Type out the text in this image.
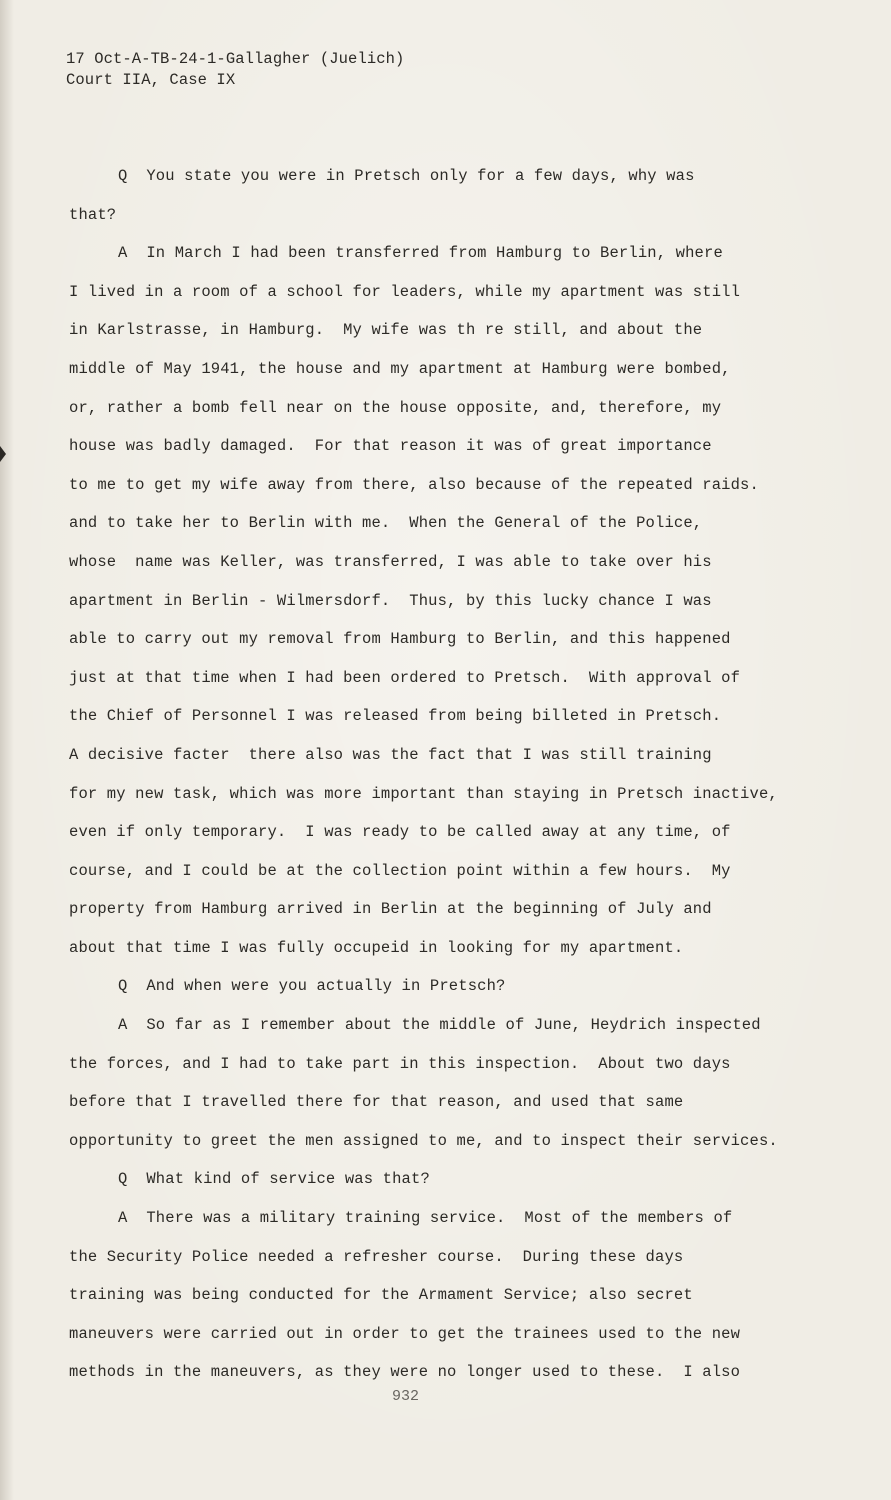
17 Oct-A-TB-24-1-Gallagher (Juelich)
Court IIA, Case IX
Q  You state you were in Pretsch only for a few days, why was
that?
A  In March I had been transferred from Hamburg to Berlin, where
I lived in a room of a school for leaders, while my apartment was still
in Karlstrasse, in Hamburg.  My wife was th re still, and about the
middle of May 1941, the house and my apartment at Hamburg were bombed,
or, rather a bomb fell near on the house opposite, and, therefore, my
house was badly damaged.  For that reason it was of great importance
to me to get my wife away from there, also because of the repeated raids.
and to take her to Berlin with me.  When the General of the Police,
whose  name was Keller, was transferred, I was able to take over his
apartment in Berlin - Wilmersdorf.  Thus, by this lucky chance I was
able to carry out my removal from Hamburg to Berlin, and this happened
just at that time when I had been ordered to Pretsch.  With approval of
the Chief of Personnel I was released from being billeted in Pretsch.
A decisive facter  there also was the fact that I was still training
for my new task, which was more important than staying in Pretsch inactive,
even if only temporary.  I was ready to be called away at any time, of
course, and I could be at the collection point within a few hours.  My
property from Hamburg arrived in Berlin at the beginning of July and
about that time I was fully occupeid in looking for my apartment.
Q  And when were you actually in Pretsch?
A  So far as I remember about the middle of June, Heydrich inspected
the forces, and I had to take part in this inspection.  About two days
before that I travelled there for that reason, and used that same
opportunity to greet the men assigned to me, and to inspect their services.
Q  What kind of service was that?
A  There was a military training service.  Most of the members of
the Security Police needed a refresher course.  During these days
training was being conducted for the Armament Service; also secret
maneuvers were carried out in order to get the trainees used to the new
methods in the maneuvers, as they were no longer used to these.  I also
932
